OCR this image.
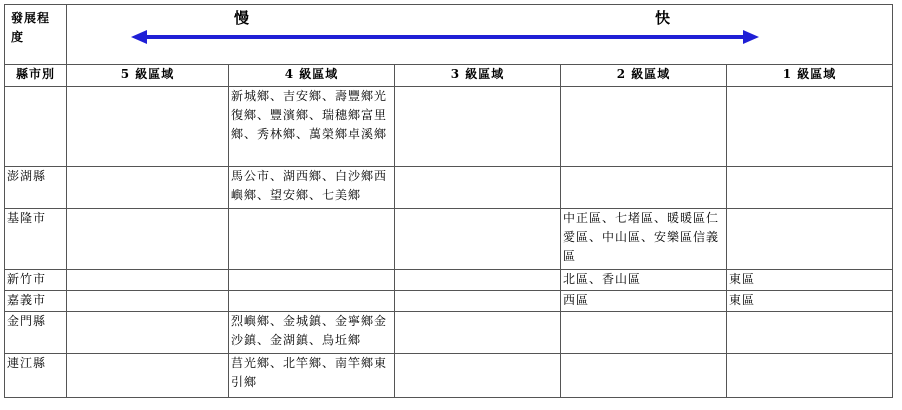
發展程度	慢 快				

縣市別	5 級區域	4 級區域	3 級區域	2 級區域	1 級區域
		新城鄉、吉安鄉、壽豐鄉光復鄉、豐濱鄉、瑞穗鄉富里鄉、秀林鄉、萬榮鄉卓溪鄉			
澎湖縣		馬公市、湖西鄉、白沙鄉西嶼鄉、望安鄉、七美鄉			
基隆市				中正區、七堵區、暖暖區仁愛區、中山區、安樂區信義區	
新竹市				北區、香山區	東區
嘉義市				西區	東區
金門縣		烈嶼鄉、金城鎮、金寧鄉金沙鎮、金湖鎮、烏坵鄉			
連江縣		莒光鄉、北竿鄉、南竿鄉東引鄉			
